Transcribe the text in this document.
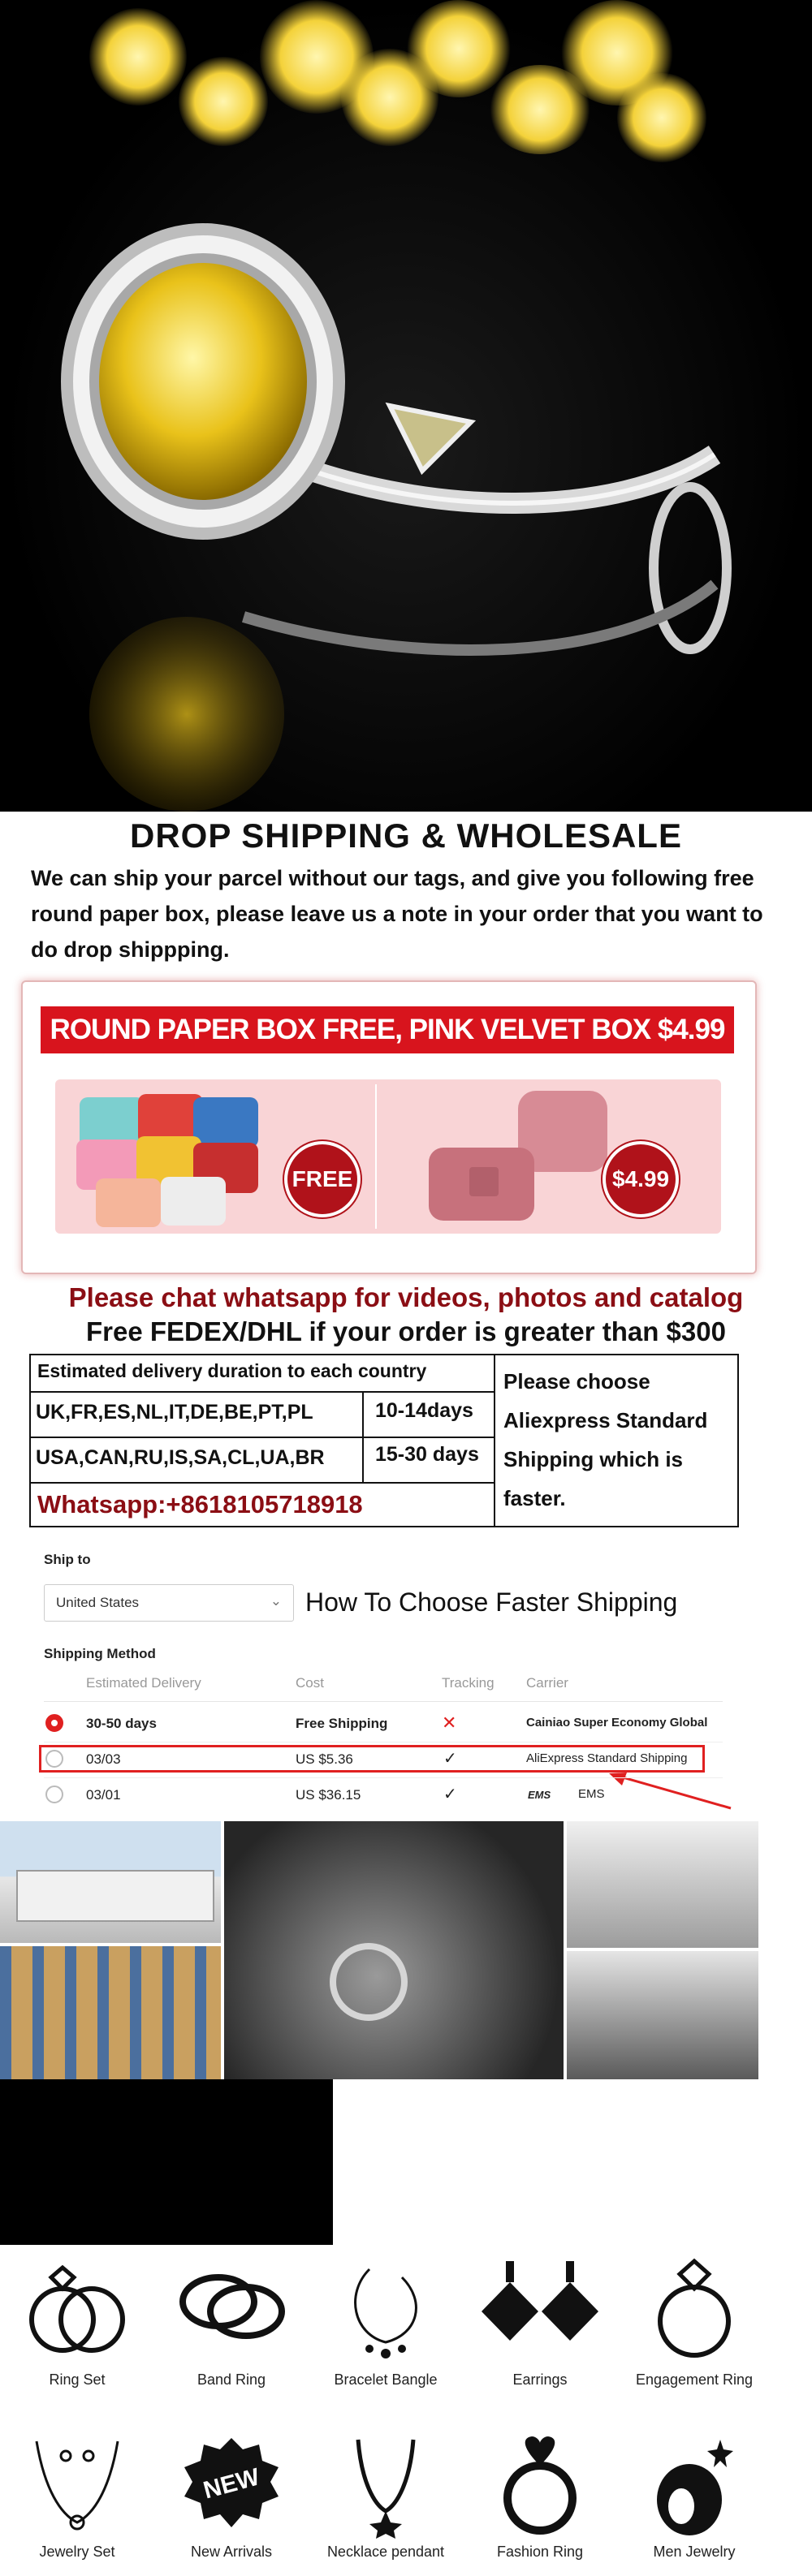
DROP SHIPPING & WHOLESALE
We can ship your parcel without our tags, and give you following free round paper box, please leave us a note in your order that you want to do drop shippping.
ROUND PAPER BOX FREE, PINK VELVET BOX $4.99
FREE	$4.99
Please chat whatsapp for videos, photos and catalog
Free FEDEX/DHL if your order is greater than $300
Estimated delivery duration to each country
UK,FR,ES,NL,IT,DE,BE,PT,PL	10-14days
USA,CAN,RU,IS,SA,CL,UA,BR 15-30 days
Whatsapp:+8618105718918
Please choose Aliexpress Standard Shipping which is faster.
Ship to
United States	⌄ How To Choose Faster Shipping
Shipping Method
Estimated Delivery	Cost	Tracking Carrier
30-50 days	Free Shipping	✕	Cainiao Super Economy Global
03/03	US $5.36	✓	AliExpress Standard Shipping
03/01	US $36.15	✓	EMS EMS
Ring Set	Band Ring	Bracelet Bangle	Earrings	Engagement Ring
Jewelry Set
NEW
New Arrivals	Necklace pendant	Fashion Ring	Men Jewelry
